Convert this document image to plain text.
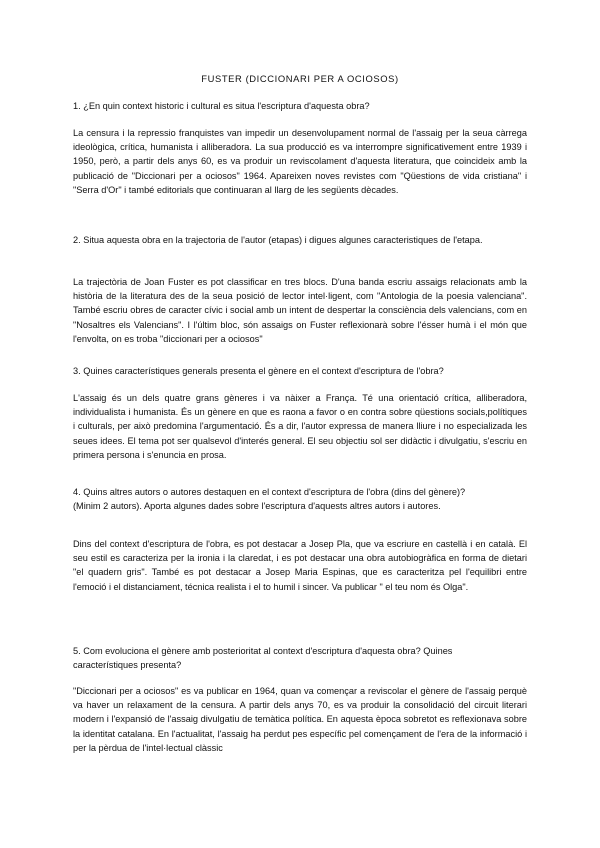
FUSTER (DICCIONARI PER A OCIOSOS)
1. ¿En quin context historic i cultural es situa l'escriptura d'aquesta obra?
La censura i la repressio franquistes van impedir un desenvolupament normal de l'assaig per la seua càrrega ideològica, crítica, humanista i alliberadora. La sua producció es va interrompre significativement entre 1939 i 1950, però, a partir dels anys 60, es va produir un reviscolament d'aquesta literatura, que coincideix amb la publicació de "Diccionari per a ociosos" 1964. Apareixen noves revistes com "Qüestions de vida cristiana" i "Serra d'Or" i també editorials que continuaran al llarg de les següents dècades.
2. Situa aquesta obra en la trajectoria de l'autor (etapas) i digues algunes caracteristiques de l'etapa.
La trajectòria de Joan Fuster es pot classificar en tres blocs. D'una banda escriu assaigs relacionats amb la història de la literatura des de la seua posició de lector intel·ligent, com "Antologia de la poesia valenciana". També escriu obres de caracter cívic i social amb un intent de despertar la consciència dels valencians, com en "Nosaltres els Valencians". I l'últim bloc, són assaigs on Fuster reflexionarà sobre l'ésser humà i el món que l'envolta, on es troba "diccionari per a ociosos"
3. Quines característiques generals presenta el gènere en el context d'escriptura de l'obra?
L'assaig és un dels quatre grans gèneres i va nàixer a França. Té una orientació crítica, alliberadora, individualista i humanista. És un gènere en que es raona a favor o en contra sobre qüestions socials,polítiques i culturals, per això predomina l'argumentació. És a dir, l'autor expressa de manera lliure i no especializada les seues idees. El tema pot ser qualsevol d'interés general. El seu objectiu sol ser didàctic i divulgatiu, s'escriu en primera persona i s'enuncia en prosa.
4. Quins altres autors o autores destaquen en el context d'escriptura de l'obra (dins del gènere)? (Minim 2 autors). Aporta algunes dades sobre l'escriptura d'aquests altres autors i autores.
Dins del context d'escriptura de l'obra, es pot destacar a Josep Pla, que va escriure en castellà i en català. El seu estil es caracteriza per la ironia i la claredat, i es pot destacar una obra autobiogràfica en forma de dietari "el quadern gris". També es pot destacar a Josep Maria Espinas, que es caracteritza pel l'equilibri entre l'emoció i el distanciament, técnica realista i el to humil i sincer. Va publicar " el teu nom és Olga".
5. Com evoluciona el gènere amb posterioritat al context d'escriptura d'aquesta obra? Quines característiques presenta?
"Diccionari per a ociosos" es va publicar en 1964, quan va començar a reviscolar el gènere de l'assaig perquè va haver un relaxament de la censura. A partir dels anys 70, es va produir la consolidació del circuit literari modern i l'expansió de l'assaig divulgatiu de temàtica política. En aquesta època sobretot es reflexionava sobre la identitat catalana. En l'actualitat, l'assaig ha perdut pes específic pel començament de l'era de la informació i per la pèrdua de l'intel·lectual clàssic
